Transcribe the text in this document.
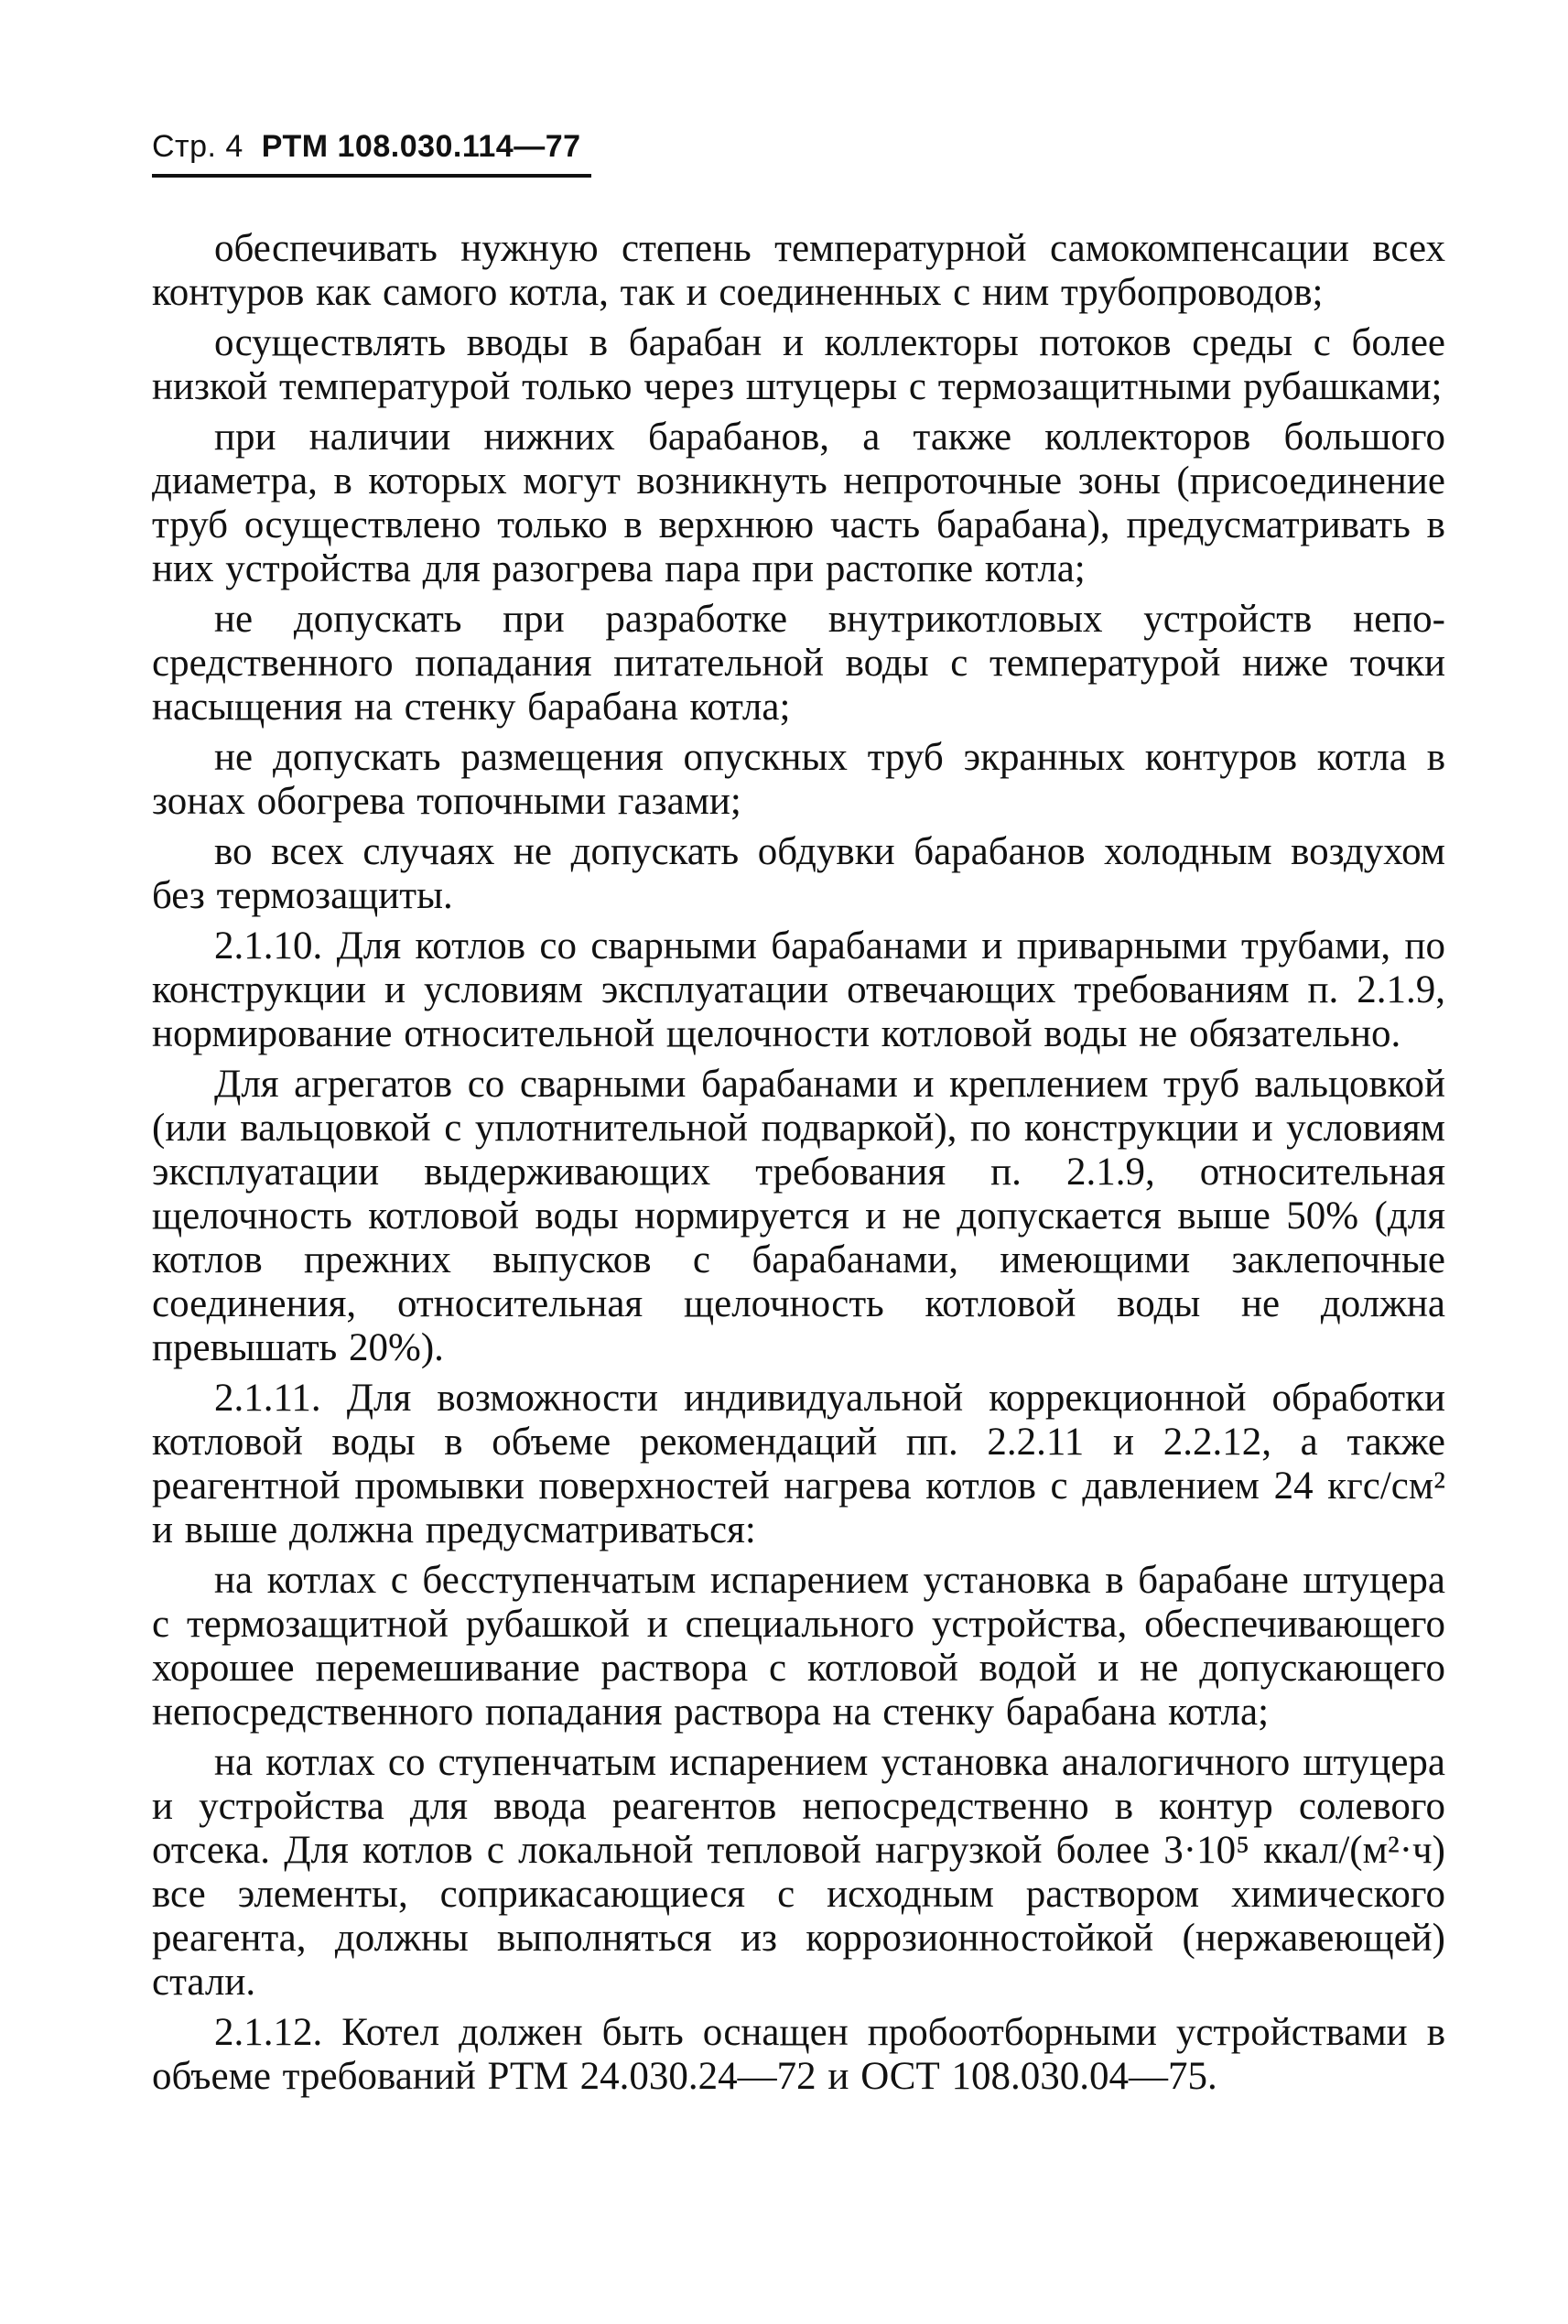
Стр. 4 РТМ 108.030.114—77

обеспечивать нужную степень температурной самокомпенсации всех контуров как самого котла, так и соединенных с ним трубопроводов;

осуществлять вводы в барабан и коллекторы потоков среды с более низкой температурой только через штуцеры с термозащитными рубашками;

при наличии нижних барабанов, а также коллекторов большого диаметра, в которых могут возникнуть непроточные зоны (присоединение труб осуществлено только в верхнюю часть барабана), предусматривать в них устройства для разогрева пара при растопке котла;

не допускать при разработке внутрикотловых устройств непосредственного попадания питательной воды с температурой ниже точки насыщения на стенку барабана котла;

не допускать размещения опускных труб экранных контуров котла в зонах обогрева топочными газами;

во всех случаях не допускать обдувки барабанов холодным воздухом без термозащиты.

2.1.10. Для котлов со сварными барабанами и приварными трубами, по конструкции и условиям эксплуатации отвечающих требованиям п. 2.1.9, нормирование относительной щелочности котловой воды не обязательно.

Для агрегатов со сварными барабанами и креплением труб вальцовкой (или вальцовкой с уплотнительной подваркой), по конструкции и условиям эксплуатации выдерживающих требования п. 2.1.9, относительная щелочность котловой воды нормируется и не допускается выше 50% (для котлов прежних выпусков с барабанами, имеющими заклепочные соединения, относительная щелочность котловой воды не должна превышать 20%).

2.1.11. Для возможности индивидуальной коррекционной обработки котловой воды в объеме рекомендаций пп. 2.2.11 и 2.2.12, а также реагентной промывки поверхностей нагрева котлов с давлением 24 кгс/см² и выше должна предусматриваться:

на котлах с бесступенчатым испарением установка в барабане штуцера с термозащитной рубашкой и специального устройства, обеспечивающего хорошее перемешивание раствора с котловой водой и не допускающего непосредственного попадания раствора на стенку барабана котла;

на котлах со ступенчатым испарением установка аналогичного штуцера и устройства для ввода реагентов непосредственно в контур солевого отсека. Для котлов с локальной тепловой нагрузкой более 3·10⁵ ккал/(м²·ч) все элементы, соприкасающиеся с исходным раствором химического реагента, должны выполняться из коррозионностойкой (нержавеющей) стали.

2.1.12. Котел должен быть оснащен пробоотборными устройствами в объеме требований РТМ 24.030.24—72 и ОСТ 108.030.04—75.
